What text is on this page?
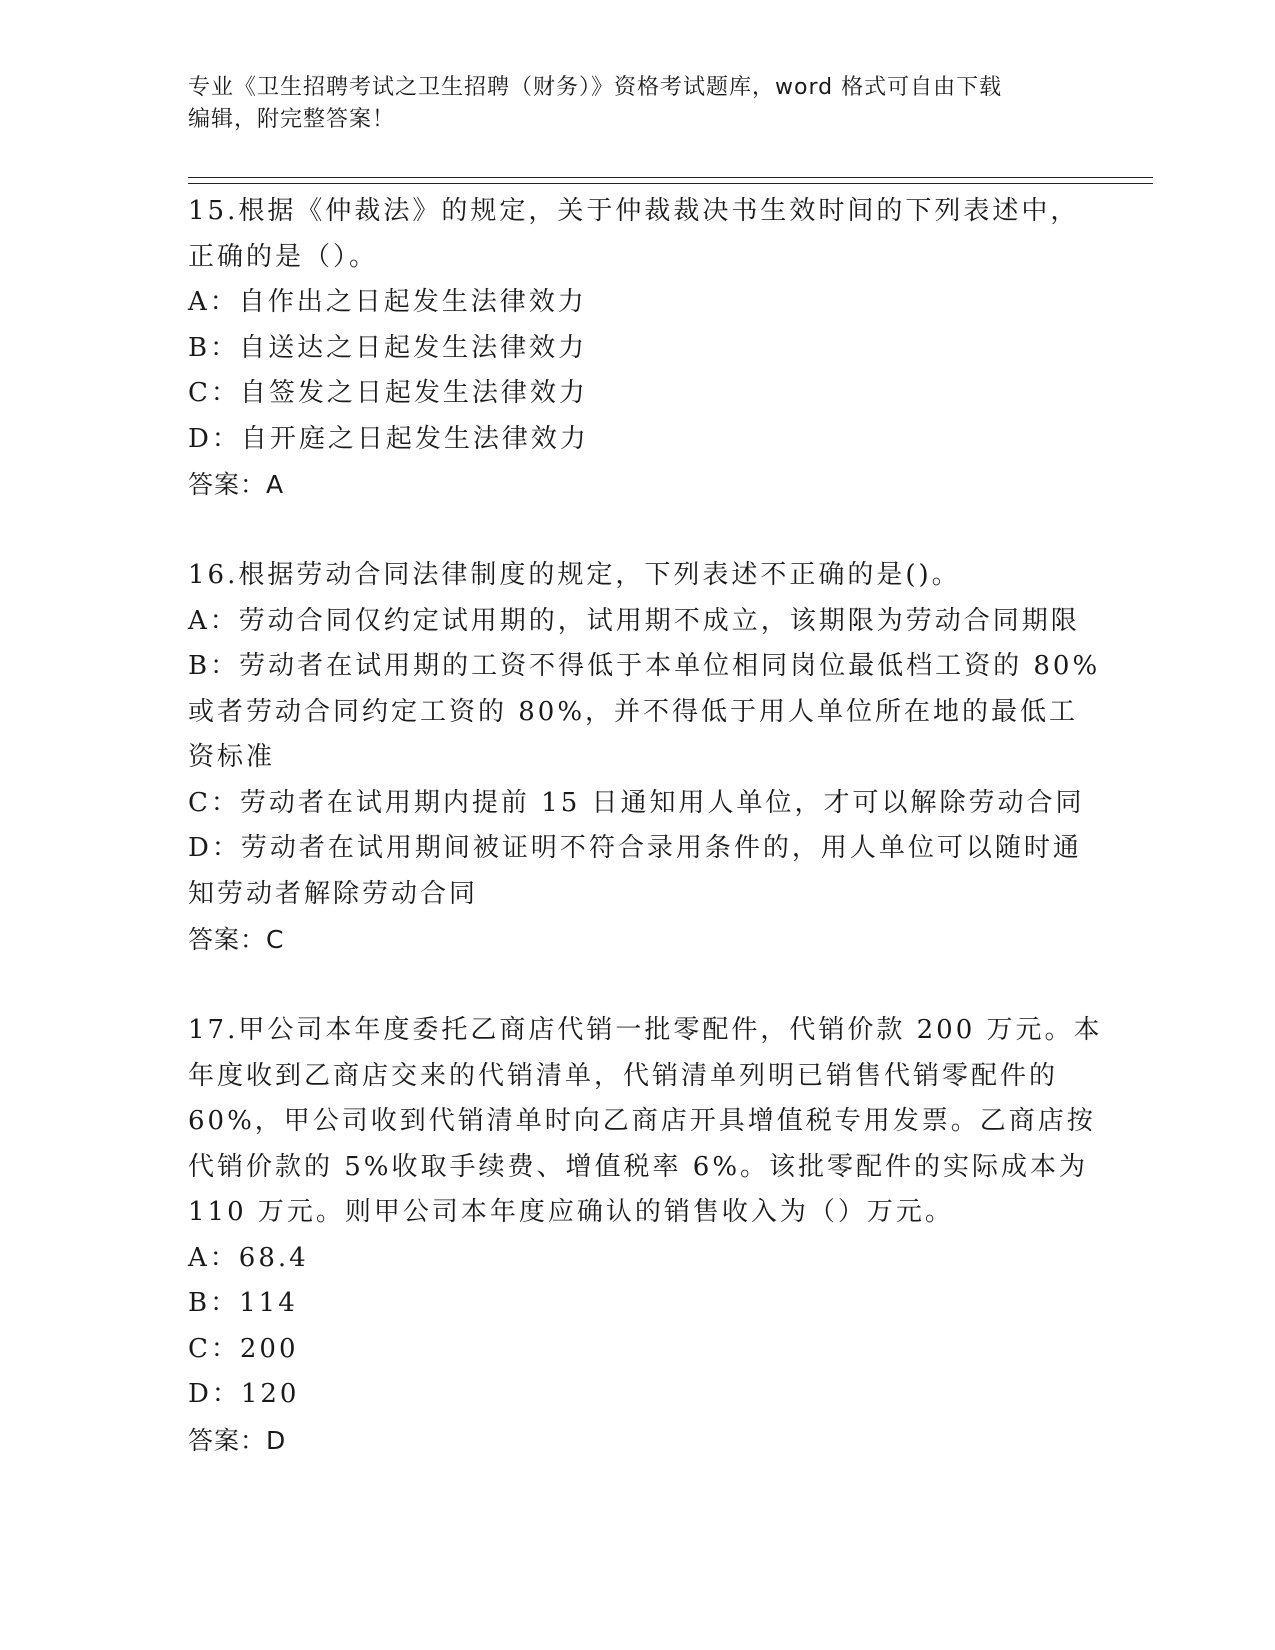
专业《卫生招聘考试之卫生招聘（财务）》资格考试题库，word 格式可自由下载
编辑，附完整答案！
15.根据《仲裁法》的规定，关于仲裁裁决书生效时间的下列表述中，
正确的是（）。
A：自作出之日起发生法律效力
B：自送达之日起发生法律效力
C：自签发之日起发生法律效力
D：自开庭之日起发生法律效力
答案：A
16.根据劳动合同法律制度的规定，下列表述不正确的是()。
A：劳动合同仅约定试用期的，试用期不成立，该期限为劳动合同期限
B：劳动者在试用期的工资不得低于本单位相同岗位最低档工资的 80%
或者劳动合同约定工资的 80%，并不得低于用人单位所在地的最低工
资标准
C：劳动者在试用期内提前 15 日通知用人单位，才可以解除劳动合同
D：劳动者在试用期间被证明不符合录用条件的，用人单位可以随时通
知劳动者解除劳动合同
答案：C
17.甲公司本年度委托乙商店代销一批零配件，代销价款 200 万元。本
年度收到乙商店交来的代销清单，代销清单列明已销售代销零配件的
60%，甲公司收到代销清单时向乙商店开具增值税专用发票。乙商店按
代销价款的 5%收取手续费、增值税率 6%。该批零配件的实际成本为
110 万元。则甲公司本年度应确认的销售收入为（）万元。
A：68.4
B：114
C：200
D：120
答案：D
